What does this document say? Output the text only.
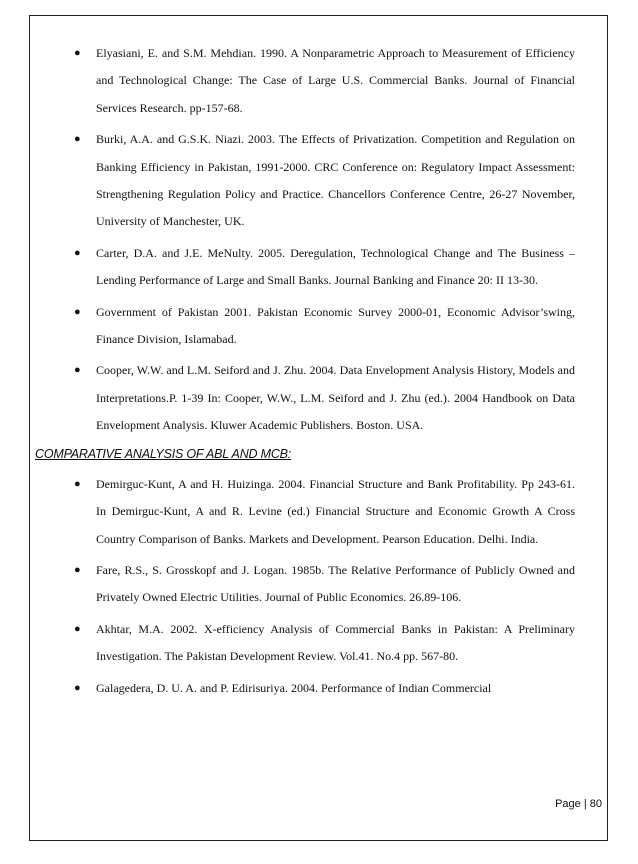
● Elyasiani, E. and S.M. Mehdian. 1990. A Nonparametric Approach to Measurement of Efficiency and Technological Change: The Case of Large U.S. Commercial Banks. Journal of Financial Services Research. pp-157-68.
● Burki, A.A. and G.S.K. Niazi. 2003. The Effects of Privatization. Competition and Regulation on Banking Efficiency in Pakistan, 1991-2000. CRC Conference on: Regulatory Impact Assessment: Strengthening Regulation Policy and Practice. Chancellors Conference Centre, 26-27 November, University of Manchester, UK.
● Carter, D.A. and J.E. MeNulty. 2005. Deregulation, Technological Change and The Business – Lending Performance of Large and Small Banks. Journal Banking and Finance 20: II 13-30.
● Government of Pakistan 2001. Pakistan Economic Survey 2000-01, Economic Advisor’swing, Finance Division, Islamabad.
● Cooper, W.W. and L.M. Seiford and J. Zhu. 2004. Data Envelopment Analysis History, Models and Interpretations.P. 1-39 In: Cooper, W.W., L.M. Seiford and J. Zhu (ed.). 2004 Handbook on Data Envelopment Analysis. Kluwer Academic Publishers. Boston. USA.
COMPARATIVE ANALYSIS OF ABL AND MCB:
● Demirguc-Kunt, A and H. Huizinga. 2004. Financial Structure and Bank Profitability. Pp 243-61. In Demirguc-Kunt, A and R. Levine (ed.) Financial Structure and Economic Growth A Cross Country Comparison of Banks. Markets and Development. Pearson Education. Delhi. India.
● Fare, R.S., S. Grosskopf and J. Logan. 1985b. The Relative Performance of Publicly Owned and Privately Owned Electric Utilities. Journal of Public Economics. 26.89-106.
● Akhtar, M.A. 2002. X-efficiency Analysis of Commercial Banks in Pakistan: A Preliminary Investigation. The Pakistan Development Review. Vol.41. No.4 pp. 567-80.
● Galagedera, D. U. A. and P. Edirisuriya. 2004. Performance of Indian Commercial
Page | 80
